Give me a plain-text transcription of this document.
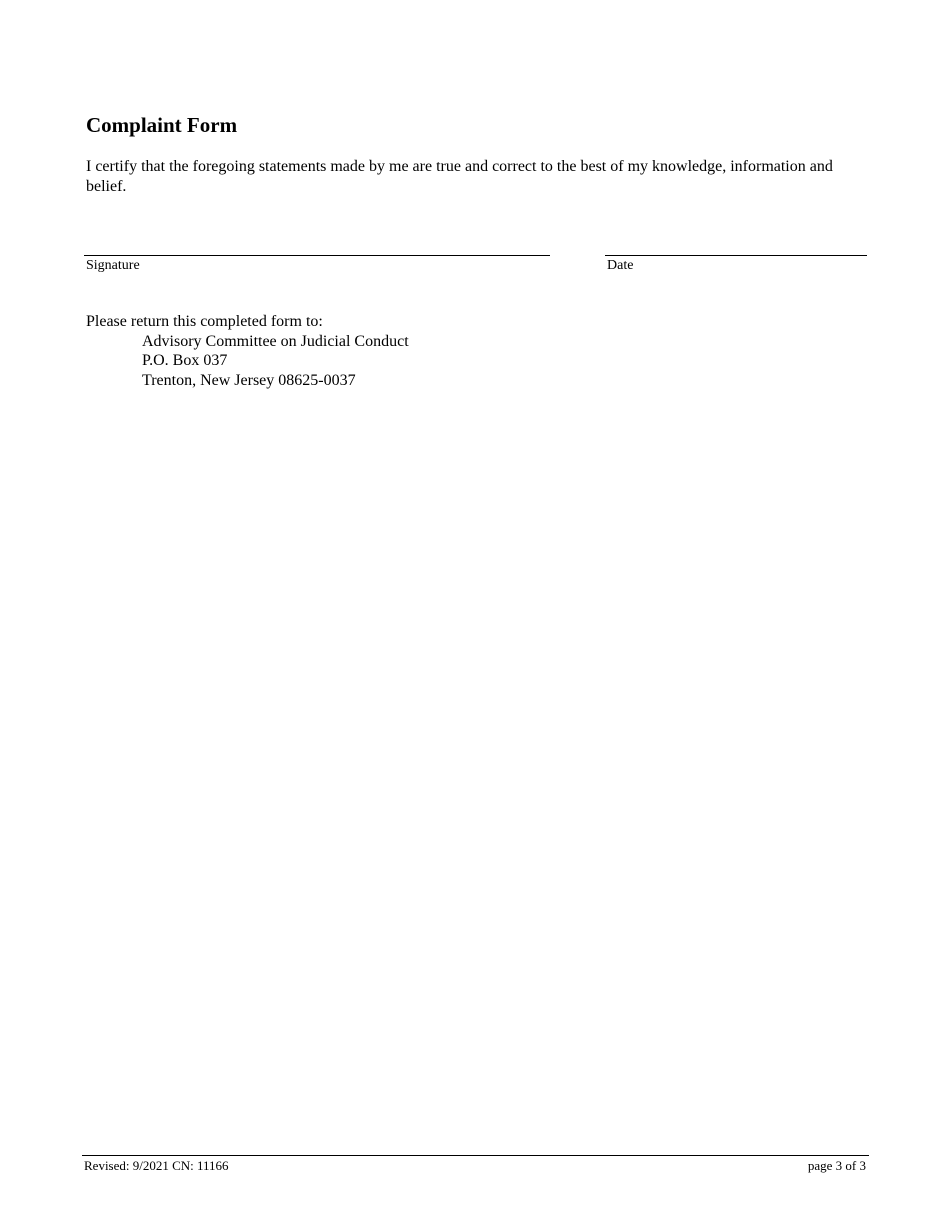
Complaint Form

I certify that the foregoing statements made by me are true and correct to the best of my knowledge, information and belief.

Signature	Date

Please return this completed form to:

Advisory Committee on Judicial Conduct
P.O. Box 037
Trenton, New Jersey 08625-0037
Revised: 9/2021 CN: 11166	page 3 of 3
